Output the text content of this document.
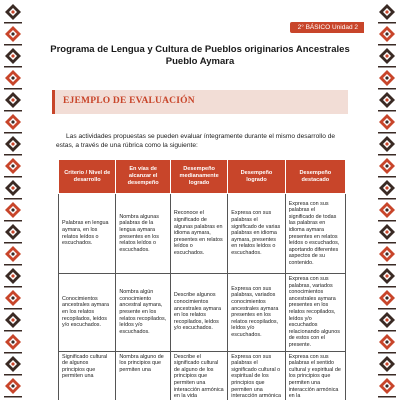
2° BÁSICO Unidad 2
Programa de Lengua y Cultura de Pueblos originarios Ancestrales
Pueblo Aymara
EJEMPLO DE EVALUACIÓN

Las actividades propuestas se pueden evaluar íntegramente durante el mismo desarrollo de estas, a través de una rúbrica como la siguiente:

Criterio / Nivel de desarrollo	En vías de alcanzar el desempeño	Desempeño medianamente logrado	Desempeño logrado	Desempeño destacado
Palabras en lengua aymara, en los relatos leídos o escuchados.	Nombra algunas palabras de la lengua aymara presentes en los relatos leídos o escuchados.	Reconoce el significado de algunas palabras en idioma aymara, presentes en relatos leídos o escuchados.	Expresa con sus palabras el significado de varias palabras en idioma aymara, presentes en relatos leídos o escuchados.	Expresa con sus palabras el significado de todas las palabras en idioma aymara presentes en relatos leídos o escuchados, aportando diferentes aspectos de su contenido.
Conocimientos ancestrales aymara en los relatos recopilados, leídos y/o escuchados.	Nombra algún conocimiento ancestral aymara, presente en los relatos recopilados, leídos y/o escuchados.	Describe algunos conocimientos ancestrales aymara en los relatos recopilados, leídos y/o escuchados.	Expresa con sus palabras, variados conocimientos ancestrales aymara presentes en los relatos recopilados, leídos y/o escuchados.	Expresa con sus palabras, variados conocimientos ancestrales aymara presentes en los relatos recopilados, leídos y/o escuchados relacionando algunos de estos con el presente.
Significado cultural de algunos principios que permiten una	Nombra alguno de los principios que permiten una	Describe el significado cultural de alguno de los principios que permiten una interacción armónica en la vida	Expresa con sus palabras el significado cultural o espiritual de los principios que permiten una interacción armónica	Expresa con sus palabras el sentido cultural y espiritual de los principios que permiten una interacción armónica en la
